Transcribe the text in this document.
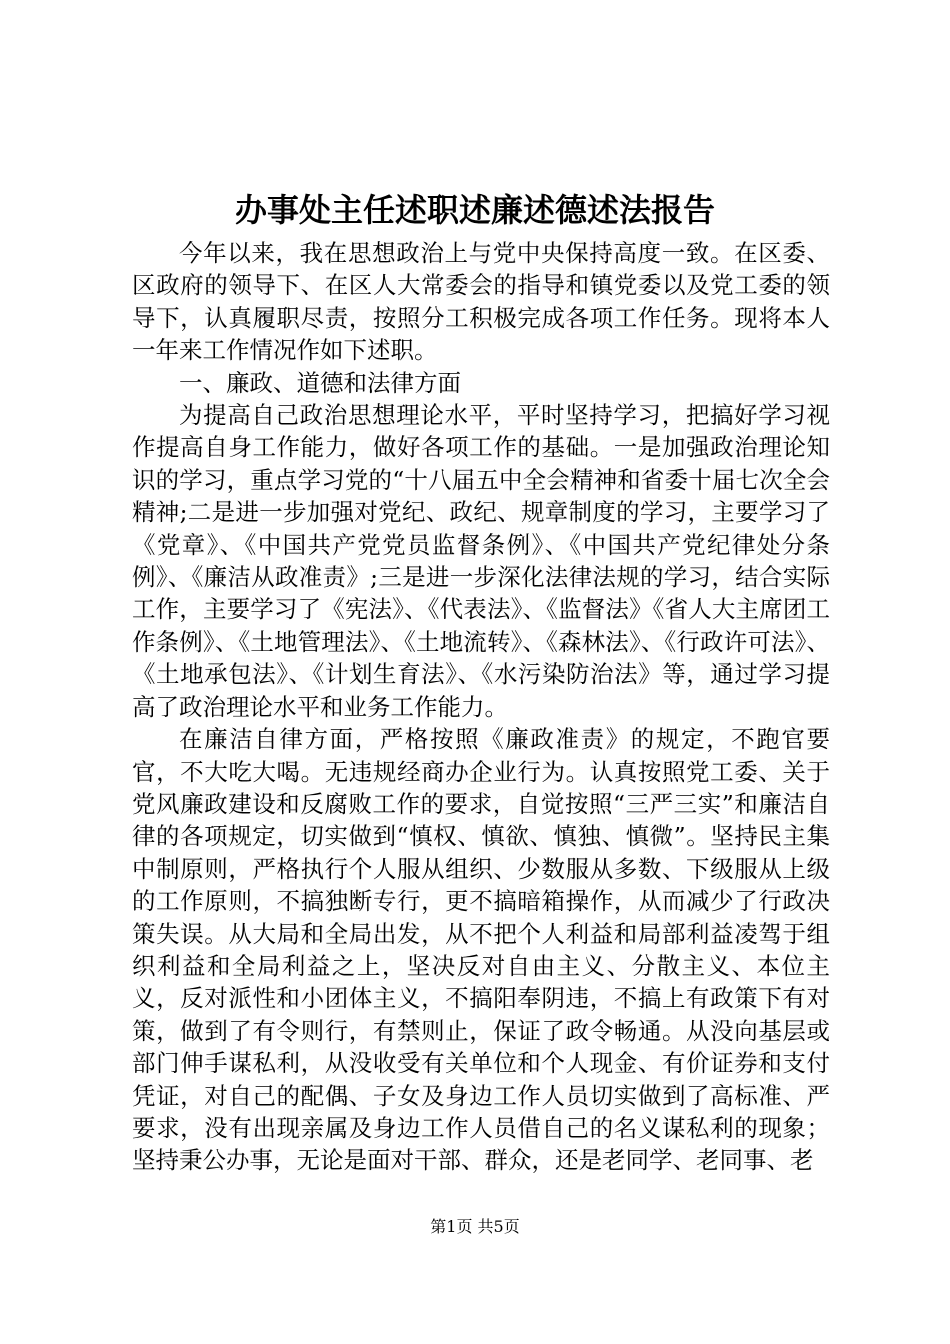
办事处主任述职述廉述德述法报告

今年以来，我在思想政治上与党中央保持高度一致。在区委、区政府的领导下、在区人大常委会的指导和镇党委以及党工委的领导下，认真履职尽责，按照分工积极完成各项工作任务。现将本人一年来工作情况作如下述职。

一、廉政、道德和法律方面

为提高自己政治思想理论水平，平时坚持学习，把搞好学习视作提高自身工作能力，做好各项工作的基础。一是加强政治理论知识的学习，重点学习党的“十八届五中全会精神和省委十届七次全会精神;二是进一步加强对党纪、政纪、规章制度的学习，主要学习了《党章》、《中国共产党党员监督条例》、《中国共产党纪律处分条例》、《廉洁从政准责》;三是进一步深化法律法规的学习，结合实际工作，主要学习了《宪法》、《代表法》、《监督法》《省人大主席团工作条例》、《土地管理法》、《土地流转》、《森林法》、《行政许可法》、《土地承包法》、《计划生育法》、《水污染防治法》等，通过学习提高了政治理论水平和业务工作能力。

在廉洁自律方面，严格按照《廉政准责》的规定，不跑官要官，不大吃大喝。无违规经商办企业行为。认真按照党工委、关于党风廉政建设和反腐败工作的要求，自觉按照“三严三实”和廉洁自律的各项规定，切实做到“慎权、慎欲、慎独、慎微”。坚持民主集中制原则，严格执行个人服从组织、少数服从多数、下级服从上级的工作原则，不搞独断专行，更不搞暗箱操作，从而减少了行政决策失误。从大局和全局出发，从不把个人利益和局部利益凌驾于组织利益和全局利益之上，坚决反对自由主义、分散主义、本位主义，反对派性和小团体主义，不搞阳奉阴违，不搞上有政策下有对策，做到了有令则行，有禁则止，保证了政令畅通。从没向基层或部门伸手谋私利，从没收受有关单位和个人现金、有价证券和支付凭证，对自己的配偶、子女及身边工作人员切实做到了高标准、严要求，没有出现亲属及身边工作人员借自己的名义谋私利的现象；坚持秉公办事，无论是面对干部、群众，还是老同学、老同事、老

第1页 共5页
